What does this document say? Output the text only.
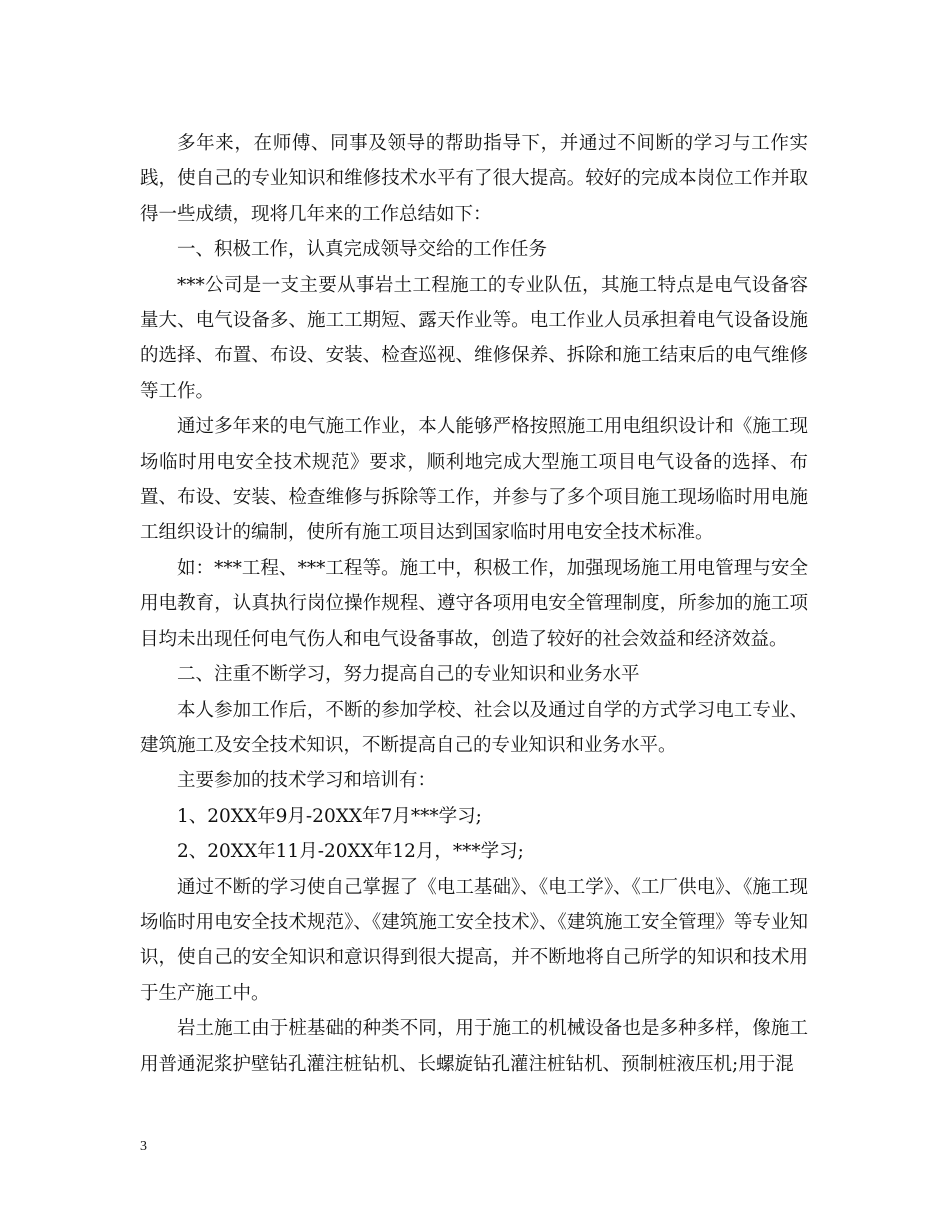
多年来，在师傅、同事及领导的帮助指导下，并通过不间断的学习与工作实践，使自己的专业知识和维修技术水平有了很大提高。较好的完成本岗位工作并取得一些成绩，现将几年来的工作总结如下：

一、积极工作，认真完成领导交给的工作任务

***公司是一支主要从事岩土工程施工的专业队伍，其施工特点是电气设备容量大、电气设备多、施工工期短、露天作业等。电工作业人员承担着电气设备设施的选择、布置、布设、安装、检查巡视、维修保养、拆除和施工结束后的电气维修等工作。

通过多年来的电气施工作业，本人能够严格按照施工用电组织设计和《施工现场临时用电安全技术规范》要求，顺利地完成大型施工项目电气设备的选择、布置、布设、安装、检查维修与拆除等工作，并参与了多个项目施工现场临时用电施工组织设计的编制，使所有施工项目达到国家临时用电安全技术标准。

如：***工程、***工程等。施工中，积极工作，加强现场施工用电管理与安全用电教育，认真执行岗位操作规程、遵守各项用电安全管理制度，所参加的施工项目均未出现任何电气伤人和电气设备事故，创造了较好的社会效益和经济效益。

二、注重不断学习，努力提高自己的专业知识和业务水平

本人参加工作后，不断的参加学校、社会以及通过自学的方式学习电工专业、建筑施工及安全技术知识，不断提高自己的专业知识和业务水平。

主要参加的技术学习和培训有：

1、20XX年9月-20XX年7月***学习;

2、20XX年11月-20XX年12月，***学习;

通过不断的学习使自己掌握了《电工基础》、《电工学》、《工厂供电》、《施工现场临时用电安全技术规范》、《建筑施工安全技术》、《建筑施工安全管理》等专业知识，使自己的安全知识和意识得到很大提高，并不断地将自己所学的知识和技术用于生产施工中。

岩土施工由于桩基础的种类不同，用于施工的机械设备也是多种多样，像施工用普通泥浆护壁钻孔灌注桩钻机、长螺旋钻孔灌注桩钻机、预制桩液压机;用于混

3
